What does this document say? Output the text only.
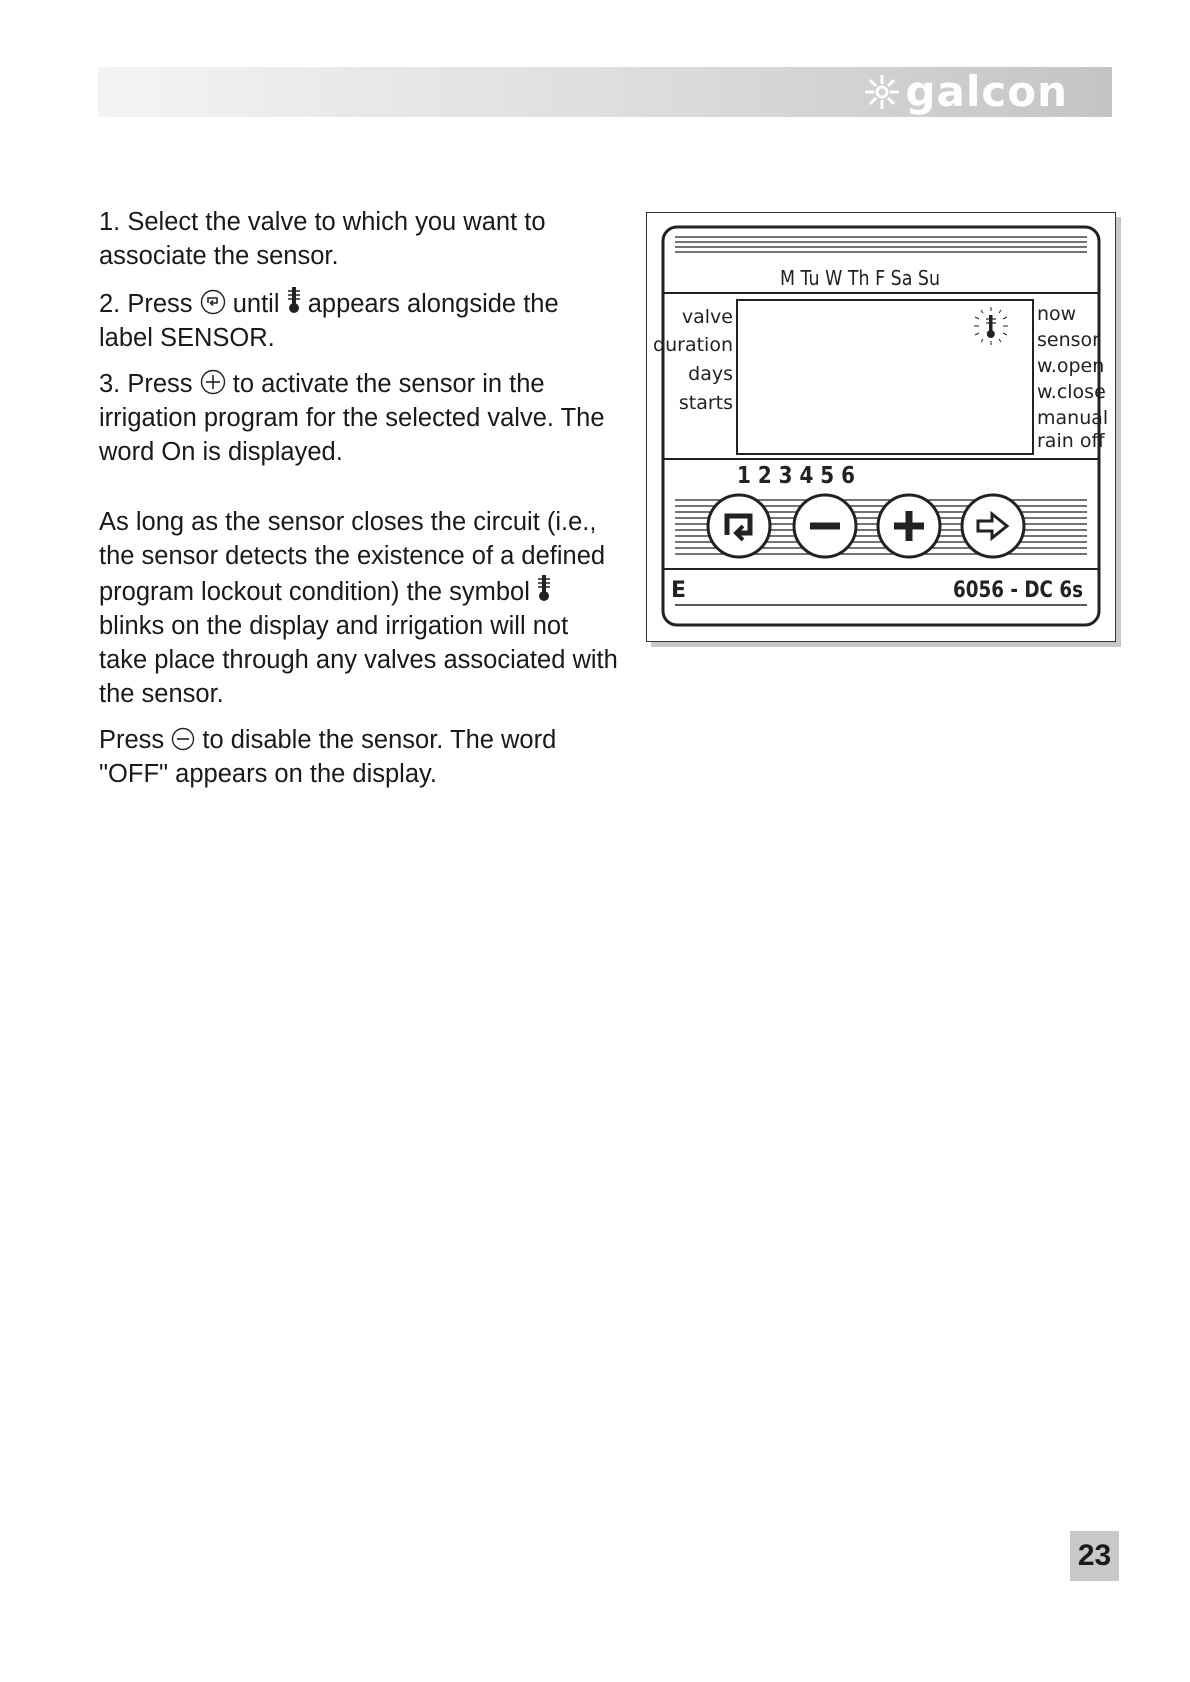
galcon

1. Select the valve to which you want to associate the sensor.

2. Press until appears alongside the label SENSOR.

3. Press to activate the sensor in the irrigation program for the selected valve. The word On is displayed.

As long as the sensor closes the circuit (i.e., the sensor detects the existence of a defined program lockout condition) the symbol
blinks on the display and irrigation will not take place through any valves associated with the sensor.

Press to disable the sensor. The word "OFF" appears on the display.

M Tu W Th F Sa Su
valve
duration
days
starts
now
sensor
w.open
w.close
manual
rain off
1 2 3 4 5 6
E	6056 - DC 6s
23
